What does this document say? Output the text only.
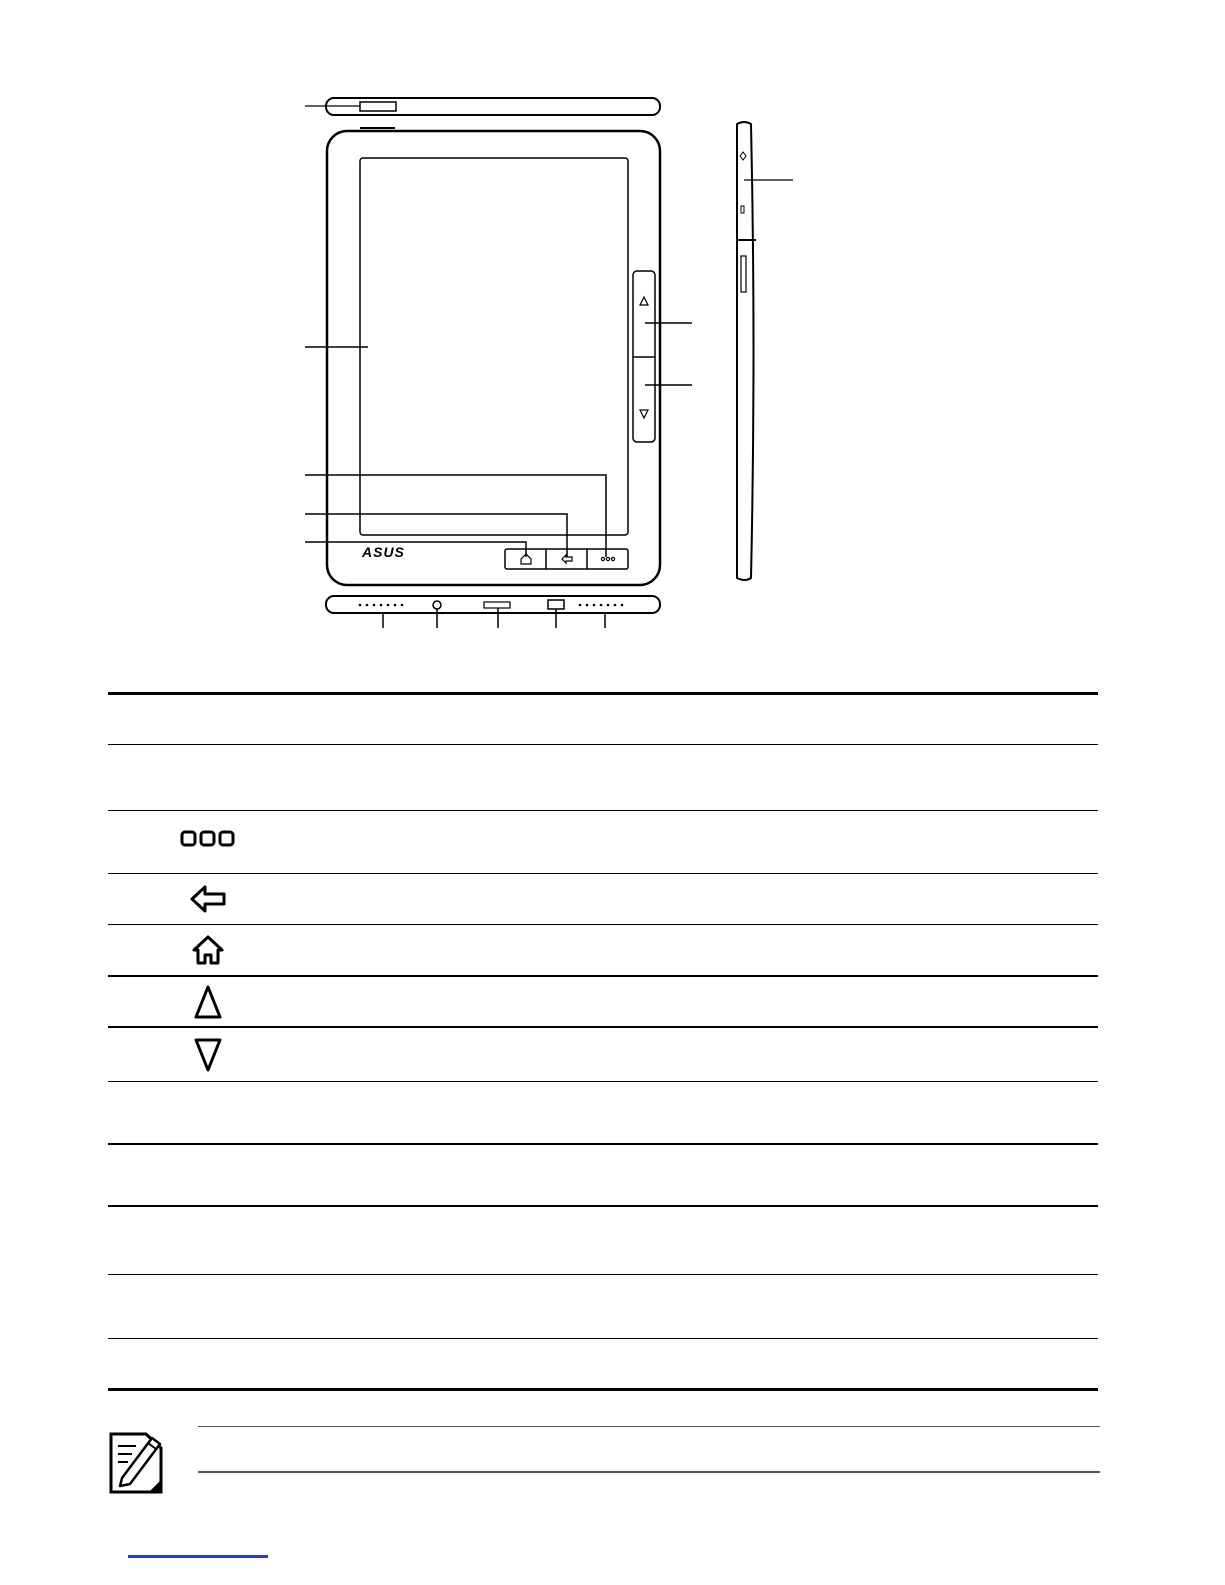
ASUS
